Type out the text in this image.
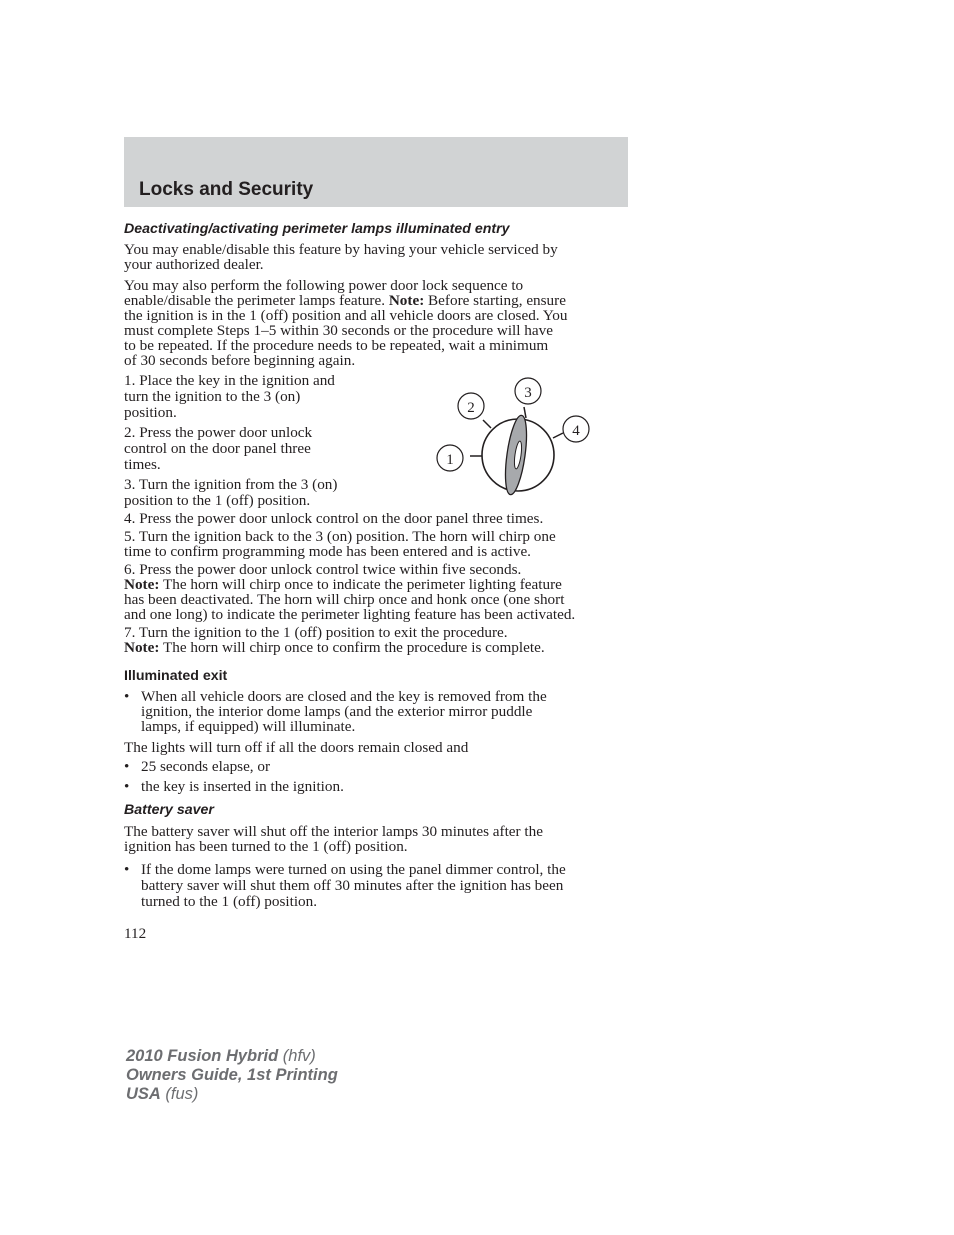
Locks and Security
Deactivating/activating perimeter lamps illuminated entry

You may enable/disable this feature by having your vehicle serviced by

your authorized dealer.

You may also perform the following power door lock sequence to

enable/disable the perimeter lamps feature. Note: Before starting, ensure

the ignition is in the 1 (off) position and all vehicle doors are closed. You

must complete Steps 1–5 within 30 seconds or the procedure will have

to be repeated. If the procedure needs to be repeated, wait a minimum

of 30 seconds before beginning again.

1. Place the key in the ignition and

turn the ignition to the 3 (on)

position.

2. Press the power door unlock

control on the door panel three

times.

3. Turn the ignition from the 3 (on)

position to the 1 (off) position.

1
2
3
4
4. Press the power door unlock control on the door panel three times.

5. Turn the ignition back to the 3 (on) position. The horn will chirp one

time to confirm programming mode has been entered and is active.

6. Press the power door unlock control twice within five seconds.

Note: The horn will chirp once to indicate the perimeter lighting feature

has been deactivated. The horn will chirp once and honk once (one short

and one long) to indicate the perimeter lighting feature has been activated.

7. Turn the ignition to the 1 (off) position to exit the procedure.

Note: The horn will chirp once to confirm the procedure is complete.

Illuminated exit
• When all vehicle doors are closed and the key is removed from the

ignition, the interior dome lamps (and the exterior mirror puddle

lamps, if equipped) will illuminate.

The lights will turn off if all the doors remain closed and
• 25 seconds elapse, or
• the key is inserted in the ignition.
Battery saver

The battery saver will shut off the interior lamps 30 minutes after the

ignition has been turned to the 1 (off) position.

• If the dome lamps were turned on using the panel dimmer control, the

battery saver will shut them off 30 minutes after the ignition has been

turned to the 1 (off) position.

112
2010 Fusion Hybrid (hfv)
Owners Guide, 1st Printing
USA (fus)
